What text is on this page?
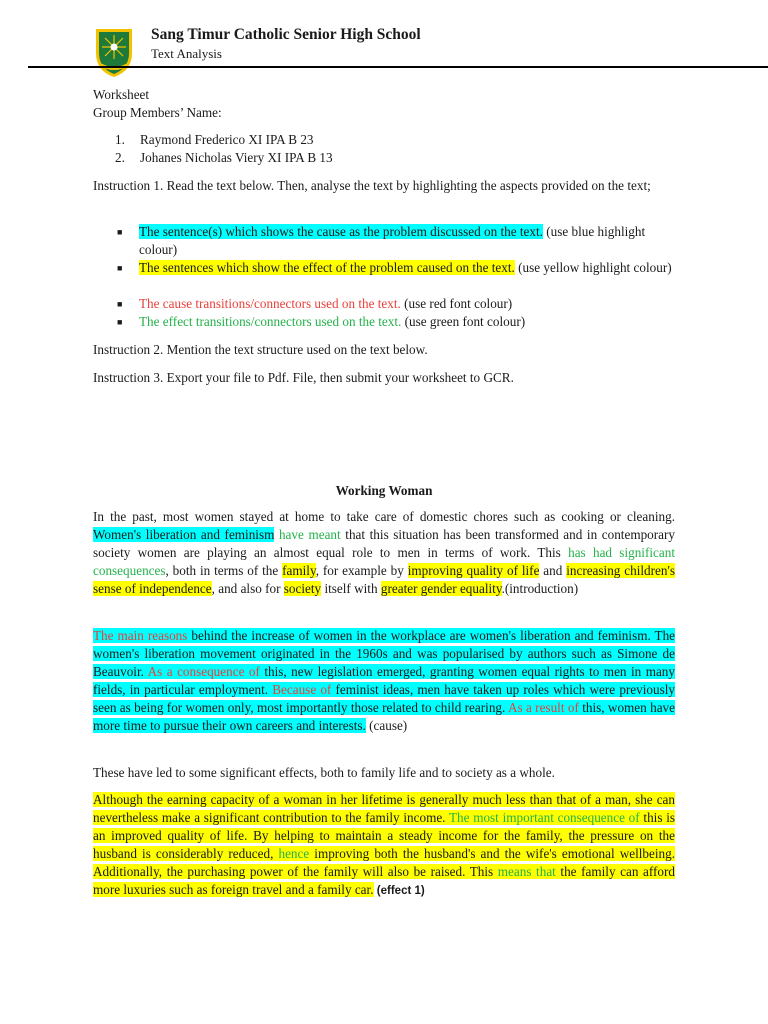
Sang Timur Catholic Senior High School
Text Analysis
Worksheet
Group Members’ Name:
1. Raymond Frederico XI IPA B 23
2. Johanes Nicholas Viery XI IPA B 13
Instruction 1. Read the text below. Then, analyse the text by highlighting the aspects provided on the text;
■ The sentence(s) which shows the cause as the problem discussed on the text. (use blue highlight colour)
■ The sentences which show the effect of the problem caused on the text. (use yellow highlight colour)
■ The cause transitions/connectors used on the text. (use red font colour)
■ The effect transitions/connectors used on the text. (use green font colour)
Instruction 2. Mention the text structure used on the text below.
Instruction 3. Export your file to Pdf. File, then submit your worksheet to GCR.
Working Woman
In the past, most women stayed at home to take care of domestic chores such as cooking or cleaning. Women's liberation and feminism have meant that this situation has been transformed and in contemporary society women are playing an almost equal role to men in terms of work. This has had significant consequences, both in terms of the family, for example by improving quality of life and increasing children's sense of independence, and also for society itself with greater gender equality.(introduction)
The main reasons behind the increase of women in the workplace are women's liberation and feminism. The women's liberation movement originated in the 1960s and was popularised by authors such as Simone de Beauvoir. As a consequence of this, new legislation emerged, granting women equal rights to men in many fields, in particular employment. Because of feminist ideas, men have taken up roles which were previously seen as being for women only, most importantly those related to child rearing. As a result of this, women have more time to pursue their own careers and interests. (cause)
These have led to some significant effects, both to family life and to society as a whole.
Although the earning capacity of a woman in her lifetime is generally much less than that of a man, she can nevertheless make a significant contribution to the family income. The most important consequence of this is an improved quality of life. By helping to maintain a steady income for the family, the pressure on the husband is considerably reduced, hence improving both the husband's and the wife's emotional wellbeing. Additionally, the purchasing power of the family will also be raised. This means that the family can afford more luxuries such as foreign travel and a family car. (effect 1)
